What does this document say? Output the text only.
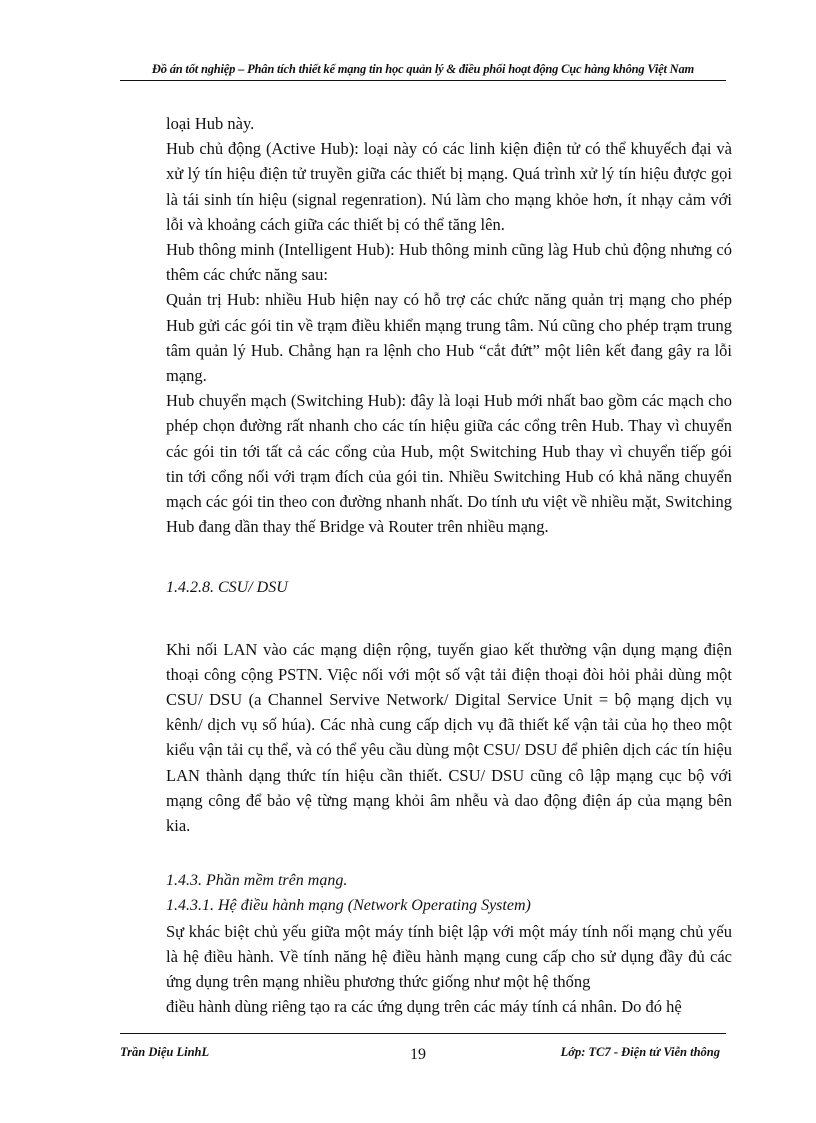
Đồ án tốt nghiệp – Phân tích thiết kế mạng tin học quản lý & điều phối hoạt động Cục hàng không Việt Nam

loại Hub này.

Hub chủ động (Active Hub): loại này có các linh kiện điện tử có thể khuyếch đại và xử lý tín hiệu điện tử truyền giữa các thiết bị mạng. Quá trình xử lý tín hiệu được gọi là tái sinh tín hiệu (signal regenration). Nú làm cho mạng khỏe hơn, ít nhạy cảm với lỗi và khoảng cách giữa các thiết bị có thể tăng lên.

Hub thông minh (Intelligent Hub): Hub thông minh cũng làg Hub chủ động nhưng có thêm các chức năng sau:

Quản trị Hub: nhiều Hub hiện nay có hỗ trợ các chức năng quản trị mạng cho phép Hub gửi các gói tin về trạm điều khiển mạng trung tâm. Nú cũng cho phép trạm trung tâm quản lý Hub. Chẳng hạn ra lệnh cho Hub “cắt đứt” một liên kết đang gây ra lỗi mạng.

Hub chuyển mạch (Switching Hub): đây là loại Hub mới nhất bao gồm các mạch cho phép chọn đường rất nhanh cho các tín hiệu giữa các cổng trên Hub. Thay vì chuyển các gói tin tới tất cả các cổng của Hub, một Switching Hub thay vì chuyển tiếp gói tin tới cổng nối với trạm đích của gói tin. Nhiều Switching Hub có khả năng chuyển mạch các gói tin theo con đường nhanh nhất. Do tính ưu việt về nhiều mặt, Switching Hub đang dần thay thế Bridge và Router trên nhiều mạng.

1.4.2.8. CSU/ DSU

Khi nối LAN vào các mạng diện rộng, tuyến giao kết thường vận dụng mạng điện thoại công cộng PSTN. Việc nối với một số vật tải điện thoại đòi hỏi phải dùng một CSU/ DSU (a Channel Servive Network/ Digital Service Unit = bộ mạng dịch vụ kênh/ dịch vụ số húa). Các nhà cung cấp dịch vụ đã thiết kế vận tải của họ theo một kiểu vận tải cụ thể, và có thể yêu cầu dùng một CSU/ DSU để phiên dịch các tín hiệu LAN thành dạng thức tín hiệu cần thiết. CSU/ DSU cũng cô lập mạng cục bộ với mạng công để bảo vệ từng mạng khỏi âm nhễu và dao động điện áp của mạng bên kia.

1.4.3. Phần mềm trên mạng.

1.4.3.1. Hệ điều hành mạng (Network Operating System)

Sự khác biệt chủ yếu giữa một máy tính biệt lập với một máy tính nối mạng chủ yếu là hệ điều hành. Về tính năng hệ điều hành mạng cung cấp cho sử dụng đầy đủ các ứng dụng trên mạng nhiều phương thức giống như một hệ thống

điều hành dùng riêng tạo ra các ứng dụng trên các máy tính cá nhân. Do đó hệ

Trần Diệu LinhL	19	Lớp: TC7 - Điện tử Viễn thông
